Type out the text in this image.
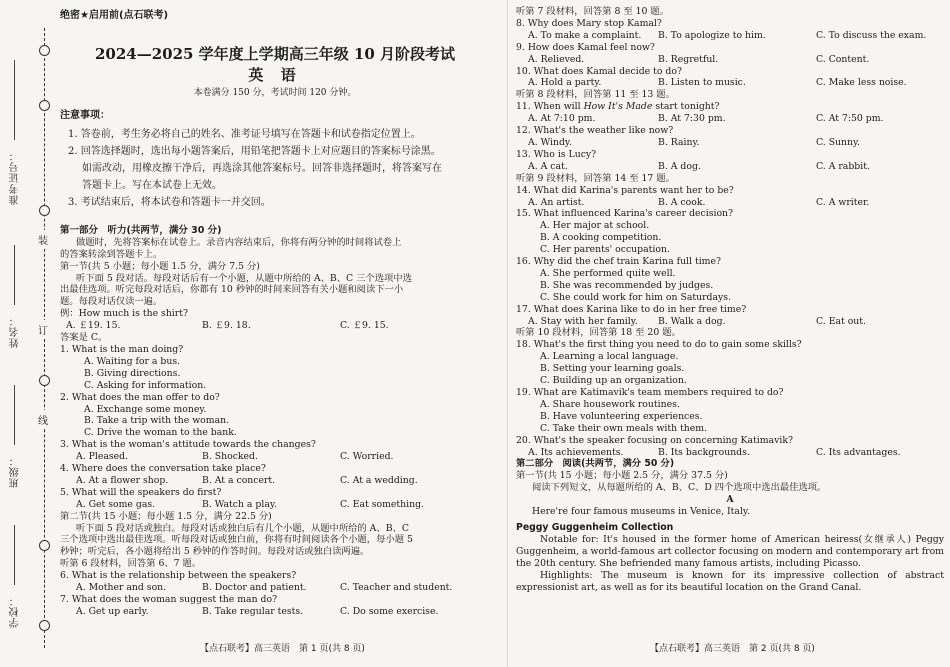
装
订
线
准考证号：
姓名：
班级：
学校：
绝密★启用前(点石联考)
2024—2025 学年度上学期高三年级 10 月阶段考试
英 语
本卷满分 150 分，考试时间 120 分钟。
注意事项：
1. 答卷前，考生务必将自己的姓名、准考证号填写在答题卡和试卷指定位置上。
2. 回答选择题时，选出每小题答案后，用铅笔把答题卡上对应题目的答案标号涂黑。
如需改动，用橡皮擦干净后，再选涂其他答案标号。回答非选择题时，将答案写在
答题卡上。写在本试卷上无效。
3. 考试结束后，将本试卷和答题卡一并交回。
第一部分　听力(共两节，满分 30 分)
做题时，先将答案标在试卷上。录音内容结束后，你将有两分钟的时间将试卷上
的答案转涂到答题卡上。
第一节(共 5 小题；每小题 1.5 分，满分 7.5 分)
听下面 5 段对话。每段对话后有一个小题，从题中所给的 A、B、C 三个选项中选
出最佳选项。听完每段对话后，你都有 10 秒钟的时间来回答有关小题和阅读下一小
题。每段对话仅读一遍。
例：How much is the shirt?
A. ￡19. 15.	B. ￡9. 18.	C. ￡9. 15.
答案是 C。
1. What is the man doing?
A. Waiting for a bus.
B. Giving directions.
C. Asking for information.
2. What does the man offer to do?
A. Exchange some money.
B. Take a trip with the woman.
C. Drive the woman to the bank.
3. What is the woman's attitude towards the changes?
A. Pleased.	B. Shocked.	C. Worried.
4. Where does the conversation take place?
A. At a flower shop.	B. At a concert.	C. At a wedding.
5. What will the speakers do first?
A. Get some gas.	B. Watch a play.	C. Eat something.
第二节(共 15 小题；每小题 1.5 分，满分 22.5 分)
听下面 5 段对话或独白。每段对话或独白后有几个小题，从题中所给的 A、B、C
三个选项中选出最佳选项。听每段对话或独白前，你将有时间阅读各个小题，每小题 5
秒钟；听完后，各小题将给出 5 秒钟的作答时间。每段对话或独白读两遍。
听第 6 段材料，回答第 6、7 题。
6. What is the relationship between the speakers?
A. Mother and son.	B. Doctor and patient.	C. Teacher and student.
7. What does the woman suggest the man do?
A. Get up early.	B. Take regular tests.	C. Do some exercise.
听第 7 段材料，回答第 8 至 10 题。
8. Why does Mary stop Kamal?
A. To make a complaint.	B. To apologize to him.	C. To discuss the exam.
9. How does Kamal feel now?
A. Relieved.	B. Regretful.	C. Content.
10. What does Kamal decide to do?
A. Hold a party.	B. Listen to music.	C. Make less noise.
听第 8 段材料，回答第 11 至 13 题。
11. When will How It's Made start tonight?
A. At 7:10 pm.	B. At 7:30 pm.	C. At 7:50 pm.
12. What's the weather like now?
A. Windy.	B. Rainy.	C. Sunny.
13. Who is Lucy?
A. A cat.	B. A dog.	C. A rabbit.
听第 9 段材料，回答第 14 至 17 题。
14. What did Karina's parents want her to be?
A. An artist.	B. A cook.	C. A writer.
15. What influenced Karina's career decision?
A. Her major at school.
B. A cooking competition.
C. Her parents' occupation.
16. Why did the chef train Karina full time?
A. She performed quite well.
B. She was recommended by judges.
C. She could work for him on Saturdays.
17. What does Karina like to do in her free time?
A. Stay with her family.	B. Walk a dog.	C. Eat out.
听第 10 段材料，回答第 18 至 20 题。
18. What's the first thing you need to do to gain some skills?
A. Learning a local language.
B. Setting your learning goals.
C. Building up an organization.
19. What are Katimavik's team members required to do?
A. Share housework routines.
B. Have volunteering experiences.
C. Take their own meals with them.
20. What's the speaker focusing on concerning Katimavik?
A. Its achievements.	B. Its backgrounds.	C. Its advantages.
第二部分　阅读(共两节，满分 50 分)
第一节(共 15 小题；每小题 2.5 分，满分 37.5 分)
阅读下列短文，从每题所给的 A、B、C、D 四个选项中选出最佳选项。
A
Here're four famous museums in Venice, Italy.
Peggy Guggenheim Collection
Notable for: It's housed in the former home of American heiress(女继承人) Peggy Guggenheim, a world-famous art collector focusing on modern and contemporary art from the 20th century. She befriended many famous artists, including Picasso.
Highlights: The museum is known for its impressive collection of abstract expressionist art, as well as for its beautiful location on the Grand Canal.
【点石联考】高三英语　第 1 页(共 8 页)	【点石联考】高三英语　第 2 页(共 8 页)
